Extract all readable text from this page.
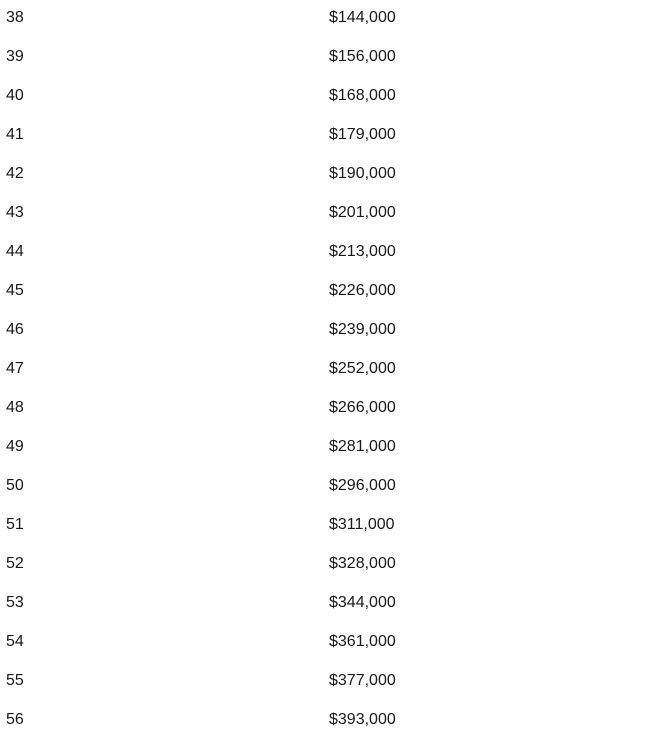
38	$144,000
39	$156,000
40	$168,000
41	$179,000
42	$190,000
43	$201,000
44	$213,000
45	$226,000
46	$239,000
47	$252,000
48	$266,000
49	$281,000
50	$296,000
51	$311,000
52	$328,000
53	$344,000
54	$361,000
55	$377,000
56	$393,000
